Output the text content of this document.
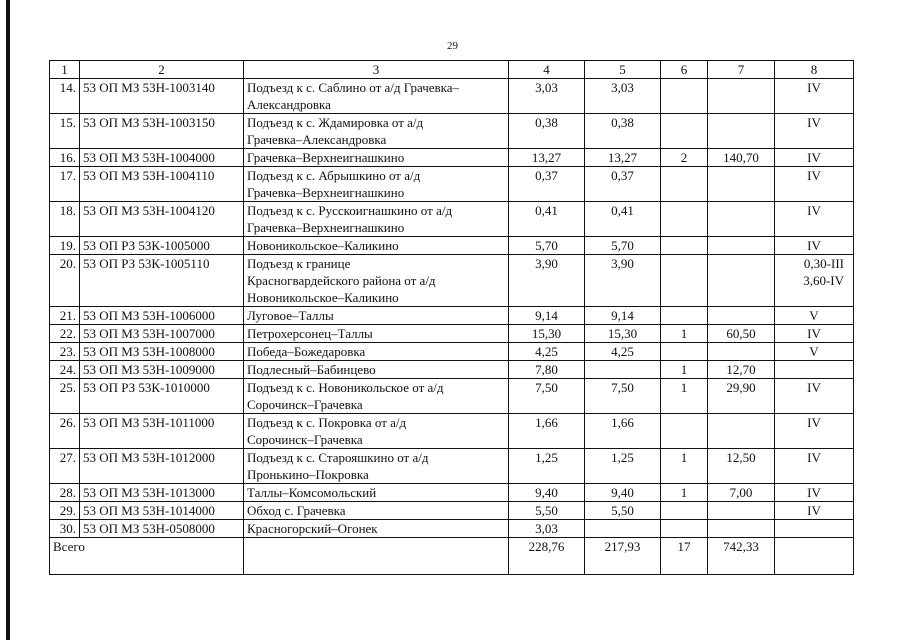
29
1	2	3	4	5	6	7	8
14.	53 ОП МЗ 53Н-1003140	Подъезд к с. Саблино от а/д Грачевка–
Александровка	3,03	3,03			IV
15.	53 ОП МЗ 53Н-1003150	Подъезд к с. Ждамировка от а/д
Грачевка–Александровка	0,38	0,38			IV
16.	53 ОП МЗ 53Н-1004000	Грачевка–Верхнеигнашкино	13,27	13,27	2	140,70	IV
17.	53 ОП МЗ 53Н-1004110	Подъезд к с. Абрышкино от а/д
Грачевка–Верхнеигнашкино	0,37	0,37			IV
18.	53 ОП МЗ 53Н-1004120	Подъезд к с. Русскоигнашкино от а/д
Грачевка–Верхнеигнашкино	0,41	0,41			IV
19.	53 ОП РЗ 53К-1005000	Новоникольское–Каликино	5,70	5,70			IV
20.	53 ОП РЗ 53К-1005110	Подъезд к границе
Красногвардейского района от а/д
Новоникольское–Каликино	3,90	3,90			0,30-III
3,60-IV

21.	53 ОП МЗ 53Н-1006000	Луговое–Таллы	9,14	9,14			V
22.	53 ОП МЗ 53Н-1007000	Петрохерсонец–Таллы	15,30	15,30	1	60,50	IV
23.	53 ОП МЗ 53Н-1008000	Победа–Божедаровка	4,25	4,25			V
24.	53 ОП МЗ 53Н-1009000	Подлесный–Бабинцево	7,80		1	12,70	
25.	53 ОП РЗ 53К-1010000	Подъезд к с. Новоникольское от а/д
Сорочинск–Грачевка	7,50	7,50	1	29,90	IV
26.	53 ОП МЗ 53Н-1011000	Подъезд к с. Покровка от а/д
Сорочинск–Грачевка	1,66	1,66			IV
27.	53 ОП МЗ 53Н-1012000	Подъезд к с. Старояшкино от а/д
Пронькино–Покровка	1,25	1,25	1	12,50	IV
28.	53 ОП МЗ 53Н-1013000	Таллы–Комсомольский	9,40	9,40	1	7,00	IV
29.	53 ОП МЗ 53Н-1014000	Обход с. Грачевка	5,50	5,50			IV
30.	53 ОП МЗ 53Н-0508000	Красногорский–Огонек	3,03				
Всего			228,76	217,93	17	742,33	
